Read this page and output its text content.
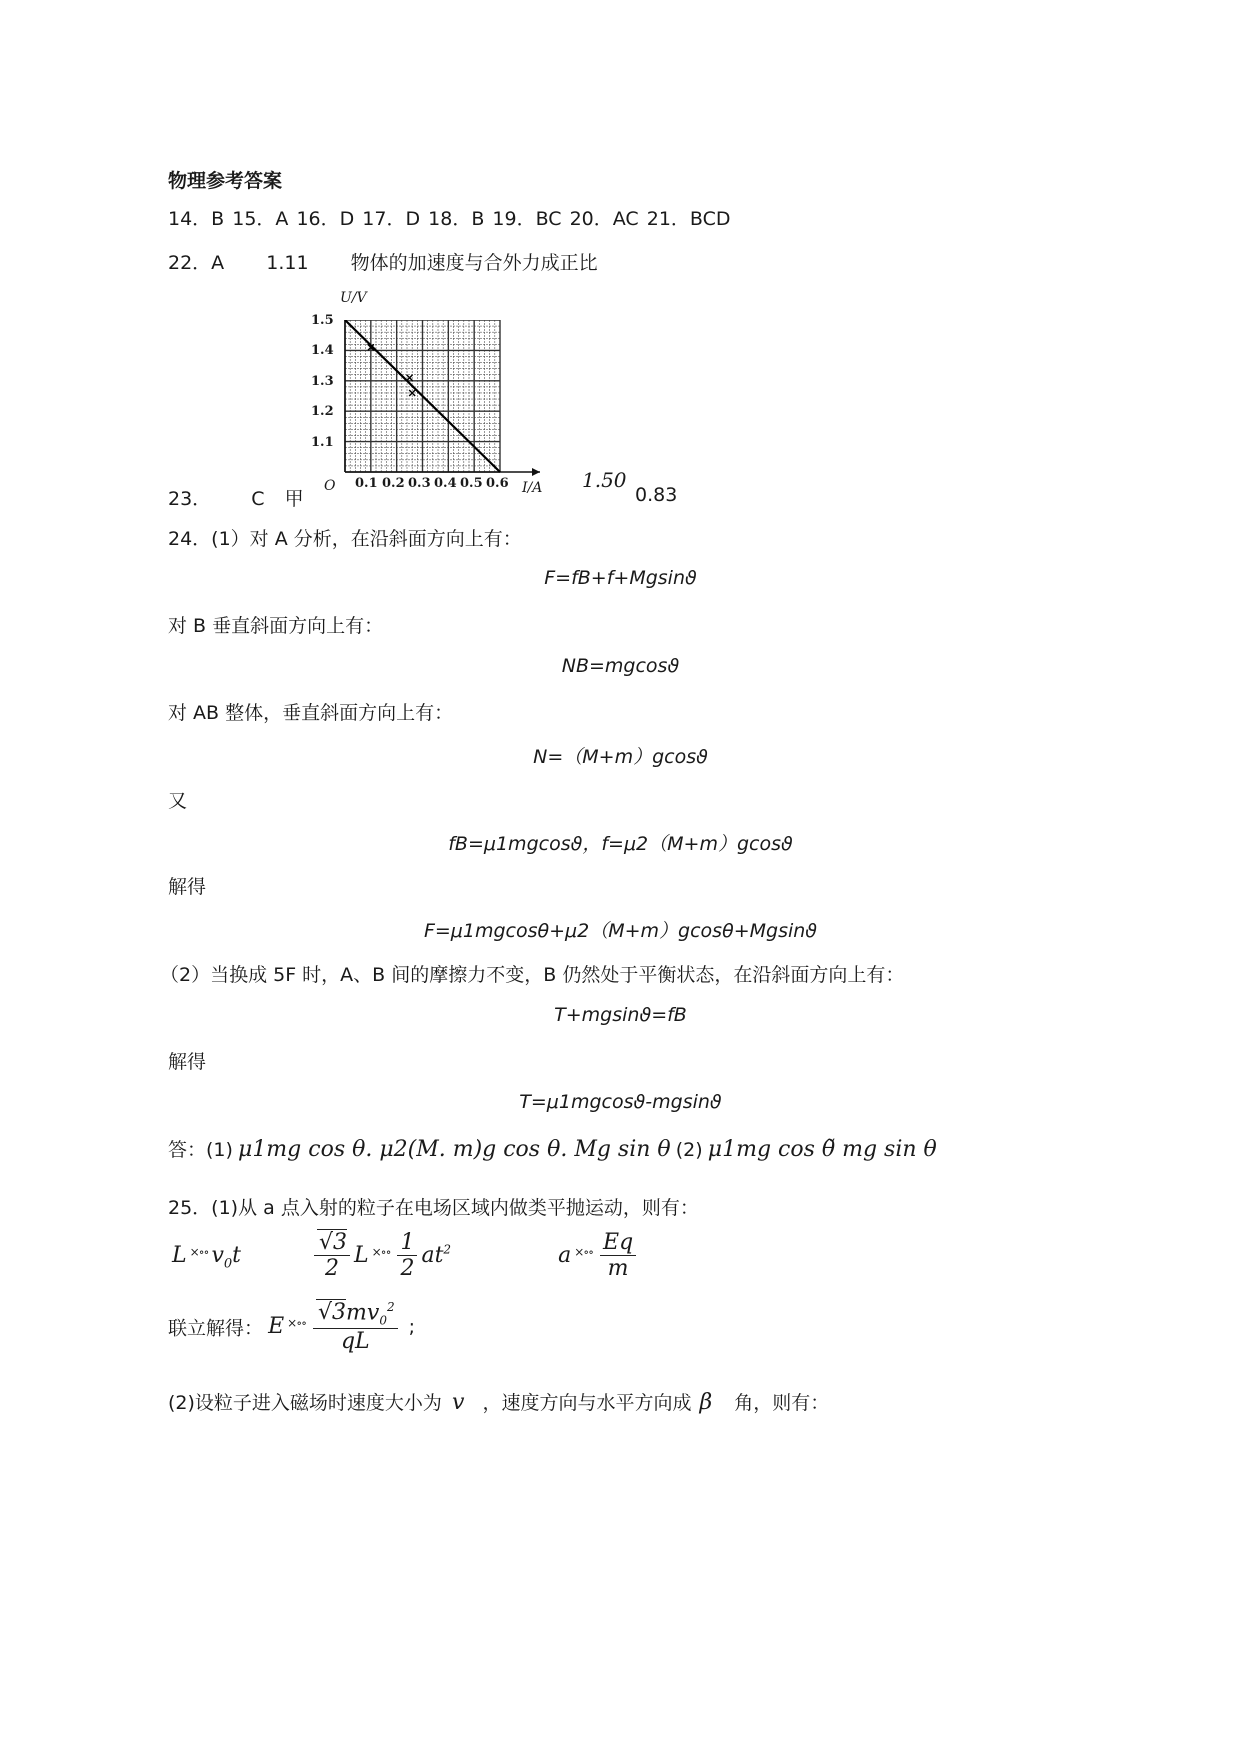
物理参考答案
14．B 15．A 16．D 17．D 18．B 19．BC 20．AC 21．BCD
22．A 1.11 物体的加速度与合外力成正比
23． C 甲
1.50
0.83
24．(1）对 A 分析，在沿斜面方向上有：
F=fB+f+Mgsinϑ
对 B 垂直斜面方向上有：
NB=mgcosϑ
对 AB 整体，垂直斜面方向上有：
N=（M+m）gcosϑ
又
fB=μ1mgcosϑ，f=μ2（M+m）gcosϑ
解得
F=μ1mgcosθ+μ2（M+m）gcosθ+Mgsinϑ
（2）当换成 5F 时，A、B 间的摩擦力不变，B 仍然处于平衡状态，在沿斜面方向上有：
T+mgsinϑ=fB
解得
T=μ1mgcosϑ-mgsinϑ
答：(1) μ1mg cos θ. μ2(M. m)g cos θ. Mg sin θ (2) μ1mg cos θ̃ mg sin θ
25．(1)从 a 点入射的粒子在电场区域内做类平抛运动，则有：
L ×∘∘ $v_0t$	$\frac{√3}{2}$ L $^{\times\circ\circ} \frac{1}{2} at^2$	a $^{\times\circ\circ} \frac{Eq}{m}$
联立解得： E $^{\times\circ\circ} \frac{√3mv_0^2}{qL}$ ;
(2)设粒子进入磁场时速度大小为 v ，速度方向与水平方向成 β 角，则有：
U/V
I/A
O
1.5
1.4
1.3
1.2
1.1
0.1 0.2 0.3 0.4 0.5 0.6
